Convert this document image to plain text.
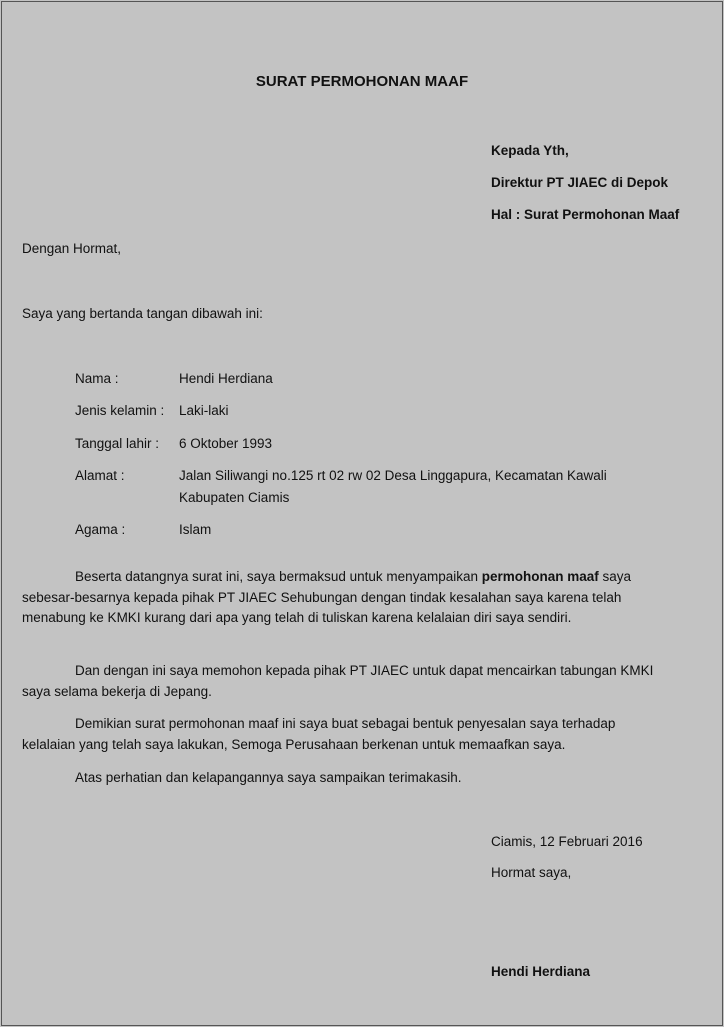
SURAT PERMOHONAN MAAF
Kepada Yth,
Direktur PT JIAEC di Depok
Hal : Surat Permohonan Maaf
Dengan Hormat,
Saya yang bertanda tangan dibawah ini:
Nama :	Hendi Herdiana
Jenis kelamin : Laki-laki
Tanggal lahir : 6 Oktober 1993
Alamat :	Jalan Siliwangi no.125 rt 02 rw 02 Desa Linggapura, Kecamatan Kawali
Kabupaten Ciamis
Agama :	Islam

Beserta datangnya surat ini, saya bermaksud untuk menyampaikan permohonan maaf saya sebesar-besarnya kepada pihak PT JIAEC Sehubungan dengan tindak kesalahan saya karena telah menabung ke KMKI kurang dari apa yang telah di tuliskan karena kelalaian diri saya sendiri.

Dan dengan ini saya memohon kepada pihak PT JIAEC untuk dapat mencairkan tabungan KMKI saya selama bekerja di Jepang.

Demikian surat permohonan maaf ini saya buat sebagai bentuk penyesalan saya terhadap kelalaian yang telah saya lakukan, Semoga Perusahaan berkenan untuk memaafkan saya.

Atas perhatian dan kelapangannya saya sampaikan terimakasih.

Ciamis, 12 Februari 2016
Hormat saya,
Hendi Herdiana
